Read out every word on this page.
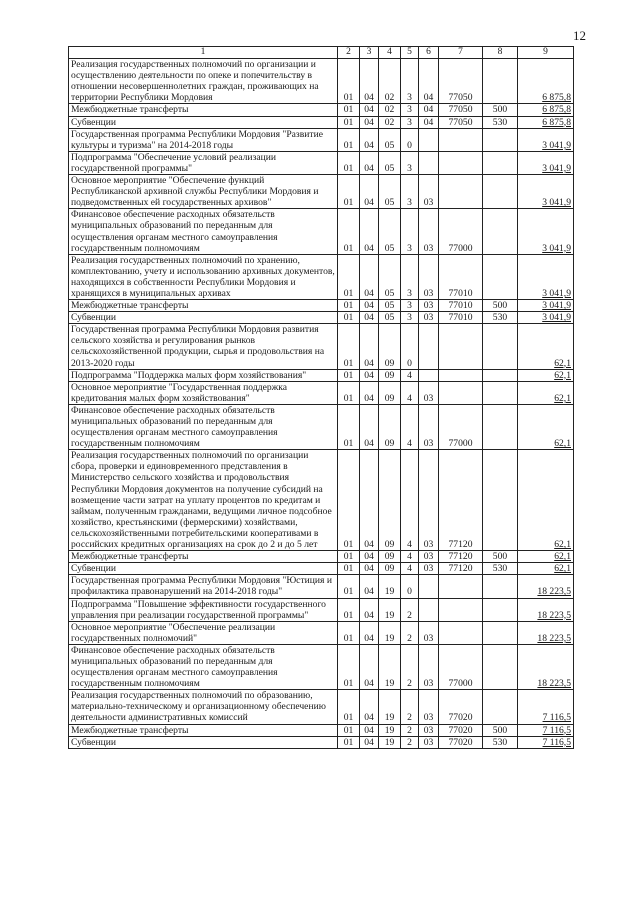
12
1	2	3	4	5	6	7	8	9
Реализация государственных полномочий по организации и осуществлению деятельности по опеке и попечительству в отношении несовершеннолетних граждан, проживающих на территории Республики Мордовия	01	04	02	3	04	77050		6 875,8
Межбюджетные трансферты	01	04	02	3	04	77050	500	6 875,8
Субвенции	01	04	02	3	04	77050	530	6 875,8
Государственная программа Республики Мордовия "Развитие культуры и туризма" на 2014-2018 годы	01	04	05	0				3 041,9
Подпрограмма "Обеспечение условий реализации государственной программы"	01	04	05	3				3 041,9
Основное мероприятие "Обеспечение функций Республиканской архивной службы Республики Мордовия и подведомственных ей государственных архивов"	01	04	05	3	03			3 041,9
Финансовое обеспечение расходных обязательств муниципальных образований по переданным для осуществления органам местного самоуправления государственным полномочиям	01	04	05	3	03	77000		3 041,9
Реализация государственных полномочий по хранению, комплектованию, учету и использованию архивных документов, находящихся в собственности Республики Мордовия и хранящихся в муниципальных архивах	01	04	05	3	03	77010		3 041,9
Межбюджетные трансферты	01	04	05	3	03	77010	500	3 041,9
Субвенции	01	04	05	3	03	77010	530	3 041,9
Государственная программа Республики Мордовия развития сельского хозяйства и регулирования рынков сельскохозяйственной продукции, сырья и продовольствия на 2013-2020 годы	01	04	09	0				62,1
Подпрограмма "Поддержка малых форм хозяйствования"	01	04	09	4				62,1
Основное мероприятие "Государственная поддержка кредитования малых форм хозяйствования"	01	04	09	4	03			62,1
Финансовое обеспечение расходных обязательств муниципальных образований по переданным для осуществления органам местного самоуправления государственным полномочиям	01	04	09	4	03	77000		62,1
Реализация государственных полномочий по организации сбора, проверки и единовременного представления в Министерство сельского хозяйства и продовольствия Республики Мордовия документов на получение субсидий на возмещение части затрат на уплату процентов по кредитам и займам, полученным гражданами, ведущими личное подсобное хозяйство, крестьянскими (фермерскими) хозяйствами, сельскохозяйственными потребительскими кооперативами в российских кредитных организациях на срок до 2 и до 5 лет	01	04	09	4	03	77120		62,1
Межбюджетные трансферты	01	04	09	4	03	77120	500	62,1
Субвенции	01	04	09	4	03	77120	530	62,1
Государственная программа Республики Мордовия "Юстиция и профилактика правонарушений на 2014-2018 годы"	01	04	19	0				18 223,5
Подпрограмма "Повышение эффективности государственного управления при реализации государственной программы"	01	04	19	2				18 223,5
Основное мероприятие "Обеспечение реализации государственных полномочий"	01	04	19	2	03			18 223,5
Финансовое обеспечение расходных обязательств муниципальных образований по переданным для осуществления органам местного самоуправления государственным полномочиям	01	04	19	2	03	77000		18 223,5
Реализация государственных полномочий по образованию, материально-техническому и организационному обеспечению деятельности административных комиссий	01	04	19	2	03	77020		7 116,5
Межбюджетные трансферты	01	04	19	2	03	77020	500	7 116,5
Субвенции	01	04	19	2	03	77020	530	7 116,5
